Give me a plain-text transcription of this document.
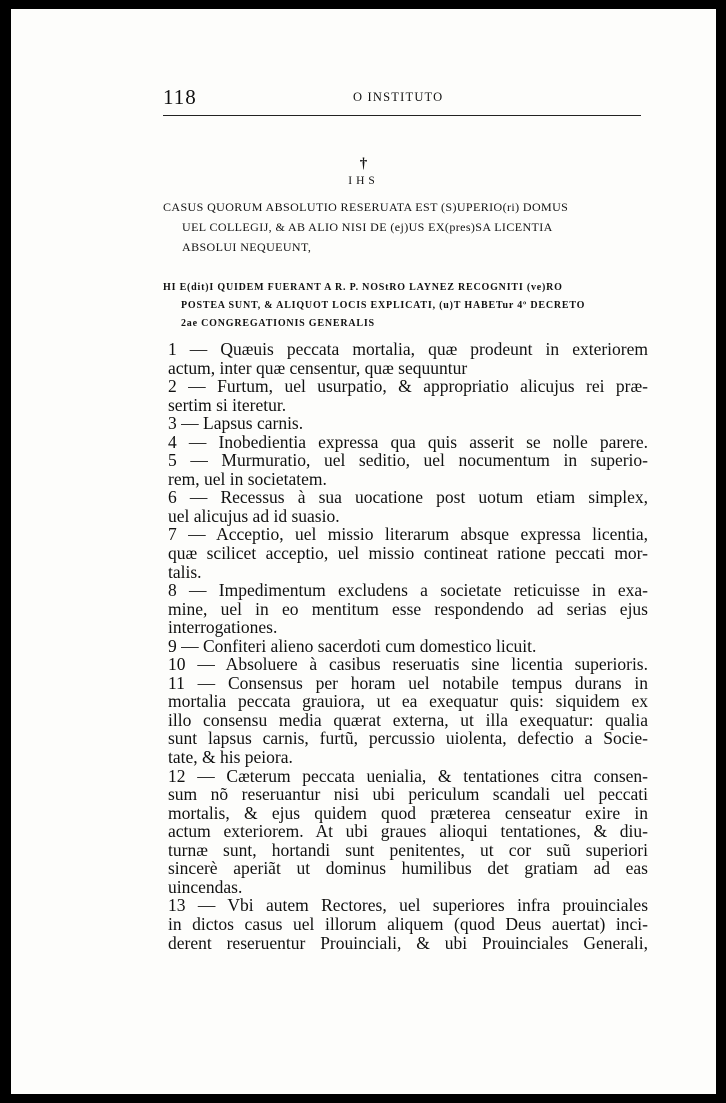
118	O INSTITUTO
†
IHS
CASUS QUORUM ABSOLUTIO RESERUATA EST (S)UPERIO(ri) DOMUS
UEL COLLEGIJ, & AB ALIO NISI DE (ej)US EX(pres)SA LICENTIA
ABSOLUI NEQUEUNT,
HI E(dit)I QUIDEM FUERANT A R. P. NOStRO LAYNEZ RECOGNITI (ve)RO
POSTEA SUNT, & ALIQUOT LOCIS EXPLICATI, (u)T HABETur 4º DECRETO
2ae CONGREGATIONIS GENERALIS
1 — Quæuis peccata mortalia, quæ prodeunt in exteriorem
actum, inter quæ censentur, quæ sequuntur
2 — Furtum, uel usurpatio, & appropriatio alicujus rei præ-
sertim si iteretur.
3 — Lapsus carnis.
4 — Inobedientia expressa qua quis asserit se nolle parere.
5 — Murmuratio, uel seditio, uel nocumentum in superio-
rem, uel in societatem.
6 — Recessus à sua uocatione post uotum etiam simplex,
uel alicujus ad id suasio.
7 — Acceptio, uel missio literarum absque expressa licentia,
quæ scilicet acceptio, uel missio contineat ratione peccati mor-
talis.
8 — Impedimentum excludens a societate reticuisse in exa-
mine, uel in eo mentitum esse respondendo ad serias ejus
interrogationes.
9 — Confiteri alieno sacerdoti cum domestico licuit.
10 — Absoluere à casibus reseruatis sine licentia superioris.
11 — Consensus per horam uel notabile tempus durans in
mortalia peccata grauiora, ut ea exequatur quis: siquidem ex
illo consensu media quærat externa, ut illa exequatur: qualia
sunt lapsus carnis, furtũ, percussio uiolenta, defectio a Socie-
tate, & his peiora.
12 — Cæterum peccata uenialia, & tentationes citra consen-
sum nõ reseruantur nisi ubi periculum scandali uel peccati
mortalis, & ejus quidem quod præterea censeatur exire in
actum exteriorem. At ubi graues alioqui tentationes, & diu-
turnæ sunt, hortandi sunt penitentes, ut cor suũ superiori
sincerè aperiãt ut dominus humilibus det gratiam ad eas
uincendas.
13 — Vbi autem Rectores, uel superiores infra prouinciales
in dictos casus uel illorum aliquem (quod Deus auertat) inci-
derent reseruentur Prouinciali, & ubi Prouinciales Generali,
